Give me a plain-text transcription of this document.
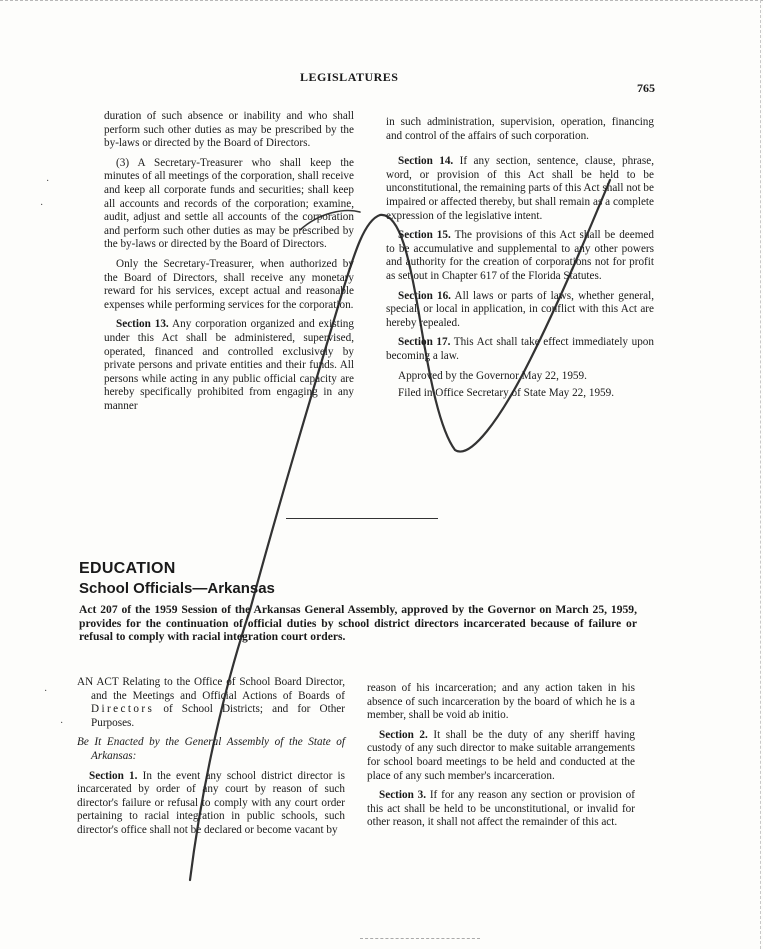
LEGISLATURES
765

duration of such absence or inability and who shall perform such other duties as may be prescribed by the by-laws or directed by the Board of Directors.

(3) A Secretary-Treasurer who shall keep the minutes of all meetings of the corporation, shall receive and keep all corporate funds and securities; shall keep all accounts and records of the corporation; examine, audit, adjust and settle all accounts of the corporation and perform such other duties as may be prescribed by the by-laws or directed by the Board of Directors.

Only the Secretary-Treasurer, when authorized by the Board of Directors, shall receive any monetary reward for his services, except actual and reasonable expenses while performing services for the corporation.

Section 13. Any corporation organized and existing under this Act shall be administered, supervised, operated, financed and controlled exclusively by private persons and private entities and their funds. All persons while acting in any public official capacity are hereby specifically prohibited from engaging in any manner

in such administration, supervision, operation, financing and control of the affairs of such corporation.

Section 14. If any section, sentence, clause, phrase, word, or provision of this Act shall be held to be unconstitutional, the remaining parts of this Act shall not be impaired or affected thereby, but shall remain as a complete expression of the legislative intent.

Section 15. The provisions of this Act shall be deemed to be accumulative and supplemental to any other powers and authority for the creation of corporations not for profit as set out in Chapter 617 of the Florida Statutes.

Section 16. All laws or parts of laws, whether general, special, or local in application, in conflict with this Act are hereby repealed.

Section 17. This Act shall take effect immediately upon becoming a law.

Approved by the Governor May 22, 1959.

Filed in Office Secretary of State May 22, 1959.

EDUCATION
School Officials—Arkansas
Act 207 of the 1959 Session of the Arkansas General Assembly, approved by the Governor on March 25, 1959, provides for the continuation of official duties by school district directors incarcerated because of failure or refusal to comply with racial integration court orders.

AN ACT Relating to the Office of School Board Director, and the Meetings and Official Actions of Boards of Directors of School Districts; and for Other Purposes.

Be It Enacted by the General Assembly of the State of Arkansas:

Section 1. In the event any school district director is incarcerated by order of any court by reason of such director's failure or refusal to comply with any court order pertaining to racial integration in public schools, such director's office shall not be declared or become vacant by

reason of his incarceration; and any action taken in his absence of such incarceration by the board of which he is a member, shall be void ab initio.

Section 2. It shall be the duty of any sheriff having custody of any such director to make suitable arrangements for school board meetings to be held and conducted at the place of any such member's incarceration.

Section 3. If for any reason any section or provision of this act shall be held to be unconstitutional, or invalid for other reason, it shall not affect the remainder of this act.

·
·
·
·
